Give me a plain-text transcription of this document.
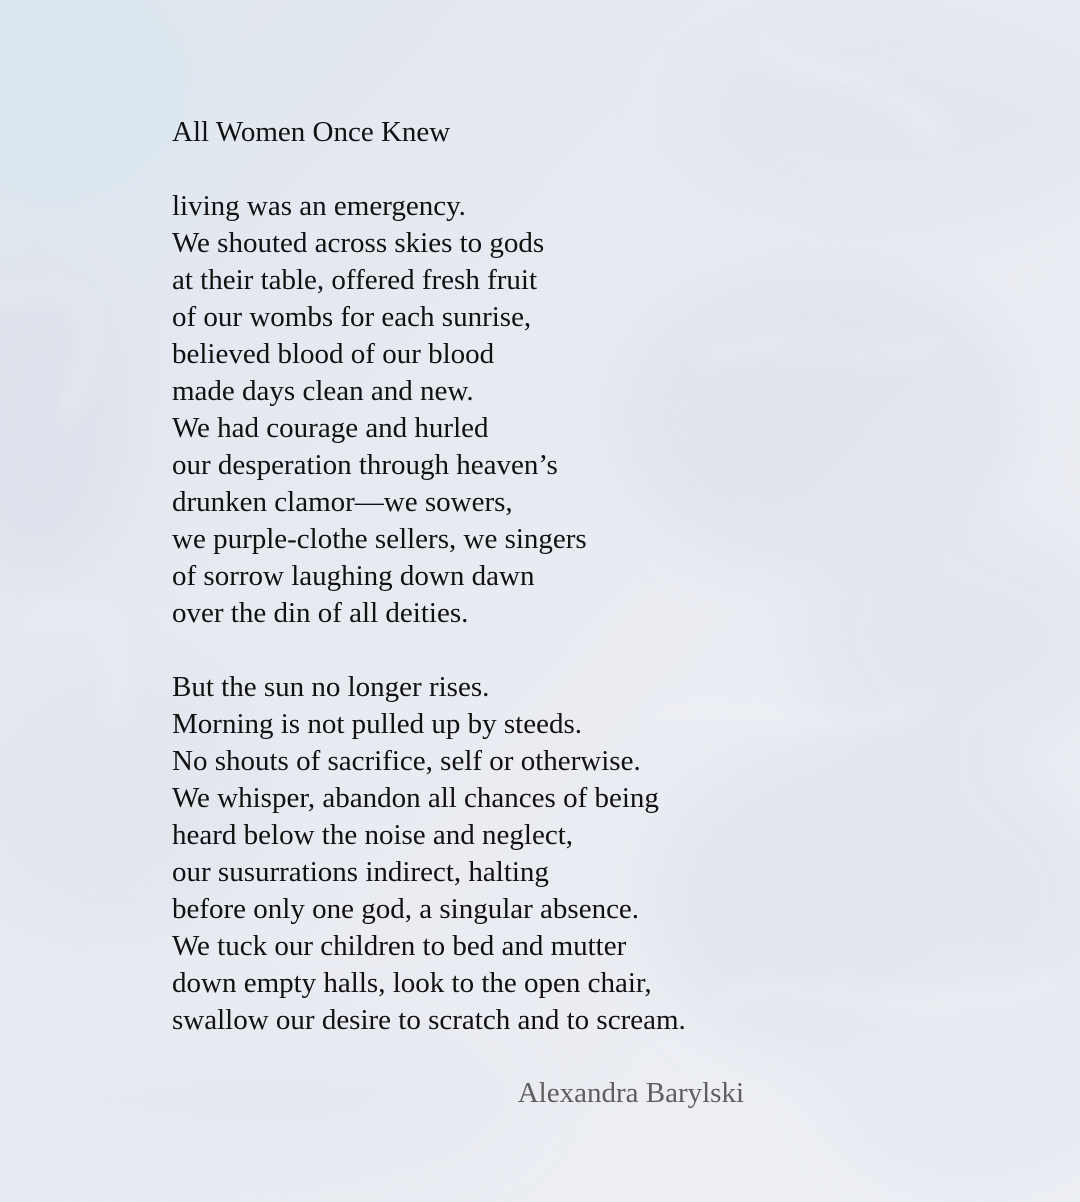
All Women Once Knew
living was an emergency.
We shouted across skies to gods
at their table, offered fresh fruit
of our wombs for each sunrise,
believed blood of our blood
made days clean and new.
We had courage and hurled
our desperation through heaven’s
drunken clamor—we sowers,
we purple-clothe sellers, we singers
of sorrow laughing down dawn
over the din of all deities.
But the sun no longer rises.
Morning is not pulled up by steeds.
No shouts of sacrifice, self or otherwise.
We whisper, abandon all chances of being
heard below the noise and neglect,
our susurrations indirect, halting
before only one god, a singular absence.
We tuck our children to bed and mutter
down empty halls, look to the open chair,
swallow our desire to scratch and to scream.
Alexandra Barylski
